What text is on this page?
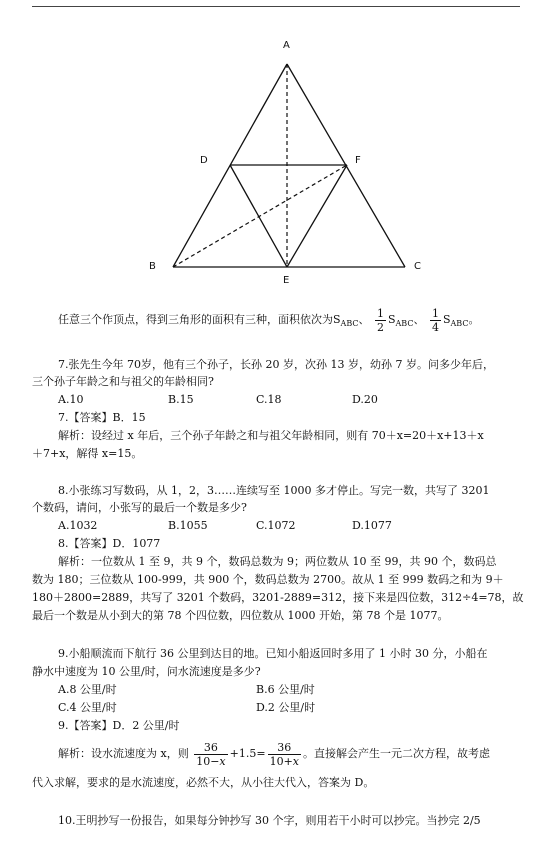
A
D	F
B
E
C
任意三个作顶点，得到三角形的面积有三种，面积依次为$S_{ABC}$、 $\frac{1}{2} S_{ABC}$、 $\frac{1}{4} S_{ABC}$。
7.张先生今年 70岁，他有三个孙子，长孙 20 岁，次孙 13 岁，幼孙 7 岁。问多少年后，
三个孙子年龄之和与祖父的年龄相同?
A.10	B.15	C.18	D.20
7.【答案】B．15
解析：设经过 x 年后，三个孙子年龄之和与祖父年龄相同，则有 70＋x=20＋x+13＋x
＋7+x，解得 x=15。
8.小张练习写数码，从 1，2，3……连续写至 1000 多才停止。写完一数，共写了 3201
个数码，请问，小张写的最后一个数是多少?
A.1032	B.1055	C.1072	D.1077
8.【答案】D．1077
解析：一位数从 1 至 9，共 9 个，数码总数为 9；两位数从 10 至 99，共 90 个，数码总
数为 180；三位数从 100-999，共 900 个，数码总数为 2700。故从 1 至 999 数码之和为 9＋
180＋2800=2889，共写了 3201 个数码，3201-2889=312，接下来是四位数，312÷4=78，故
最后一个数是从小到大的第 78 个四位数，四位数从 1000 开始，第 78 个是 1077。
9.小船顺流而下航行 36 公里到达目的地。已知小船返回时多用了 1 小时 30 分，小船在
静水中速度为 10 公里/时，问水流速度是多少?
A.8 公里/时	B.6 公里/时
C.4 公里/时	D.2 公里/时
9.【答案】D．2 公里/时
解析：设水流速度为 x，则 $\frac{36}{10-x} +1.5= \frac{36}{10+x}$ 。直接解会产生一元二次方程，故考虑
代入求解，要求的是水流速度，必然不大，从小往大代入，答案为 D。
10.王明抄写一份报告，如果每分钟抄写 30 个字，则用若干小时可以抄完。当抄完 2/5
